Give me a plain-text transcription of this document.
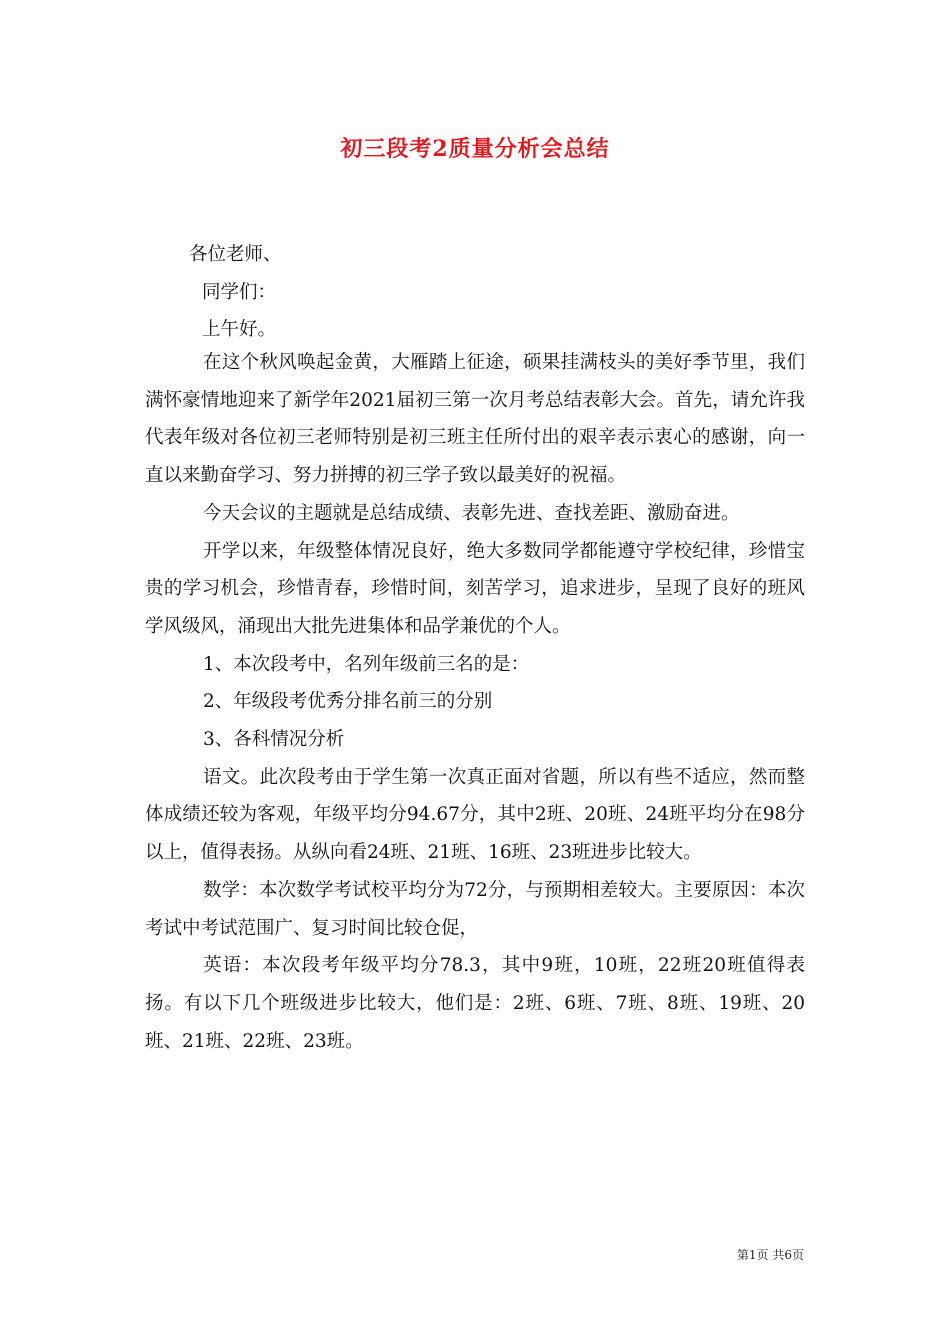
初三段考2质量分析会总结
各位老师、
同学们：
上午好。

在这个秋风唤起金黄，大雁踏上征途，硕果挂满枝头的美好季节里，我们满怀豪情地迎来了新学年2021届初三第一次月考总结表彰大会。首先，请允许我代表年级对各位初三老师特别是初三班主任所付出的艰辛表示衷心的感谢，向一直以来勤奋学习、努力拼搏的初三学子致以最美好的祝福。

今天会议的主题就是总结成绩、表彰先进、查找差距、激励奋进。

开学以来，年级整体情况良好，绝大多数同学都能遵守学校纪律，珍惜宝贵的学习机会，珍惜青春，珍惜时间，刻苦学习，追求进步，呈现了良好的班风学风级风，涌现出大批先进集体和品学兼优的个人。

1、本次段考中，名列年级前三名的是：

2、年级段考优秀分排名前三的分别

3、各科情况分析

语文。此次段考由于学生第一次真正面对省题，所以有些不适应，然而整体成绩还较为客观，年级平均分94.67分，其中2班、20班、24班平均分在98分以上，值得表扬。从纵向看24班、21班、16班、23班进步比较大。

数学：本次数学考试校平均分为72分，与预期相差较大。主要原因：本次考试中考试范围广、复习时间比较仓促，

英语：本次段考年级平均分78.3，其中9班，10班，22班20班值得表扬。有以下几个班级进步比较大，他们是：2班、6班、7班、8班、19班、20班、21班、22班、23班。

第1页 共6页
